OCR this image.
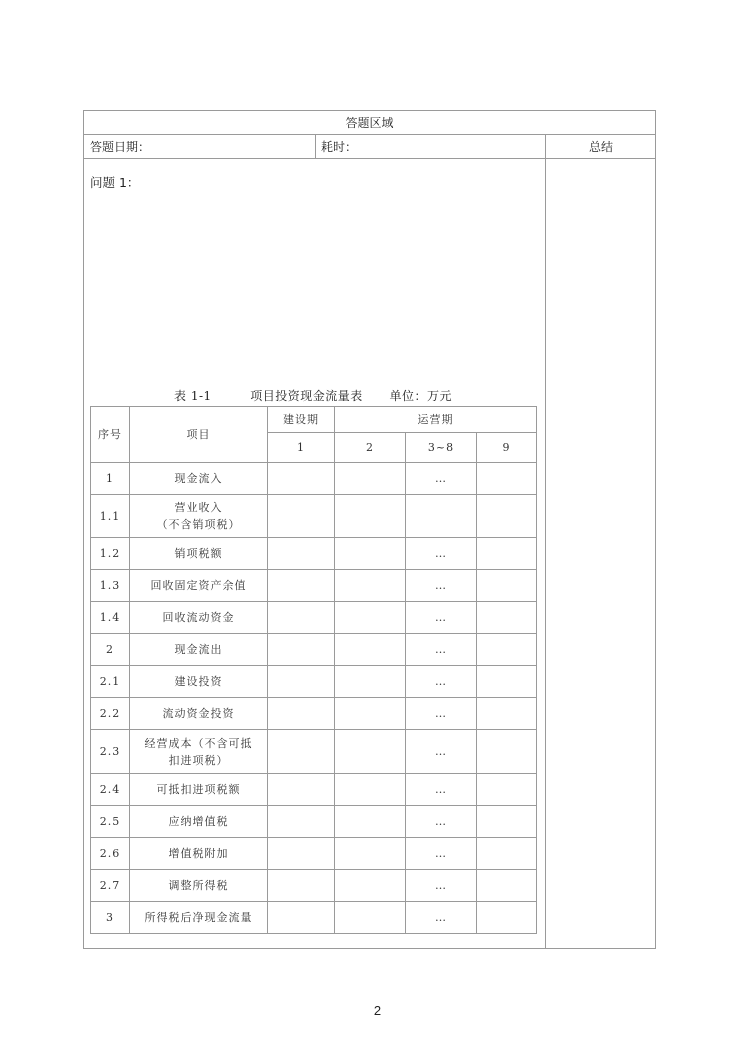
答题区域
答题日期：	耗时：	总结
问题 1：
表 1-1	项目投资现金流量表 单位：万元
序号	项目	建设期	运营期		
		1	2	3~8	9
1	现金流入			…	
1.1	营业收入
（不含销项税）				
1.2	销项税额			…	
1.3	回收固定资产余值			…	
1.4	回收流动资金			…	
2	现金流出			…	
2.1	建设投资			…	
2.2	流动资金投资			…	
2.3	经营成本（不含可抵
扣进项税）			…	
2.4	可抵扣进项税额			…	
2.5	应纳增值税			…	
2.6	增值税附加			…	
2.7	调整所得税			…	
3	所得税后净现金流量			…	
2
